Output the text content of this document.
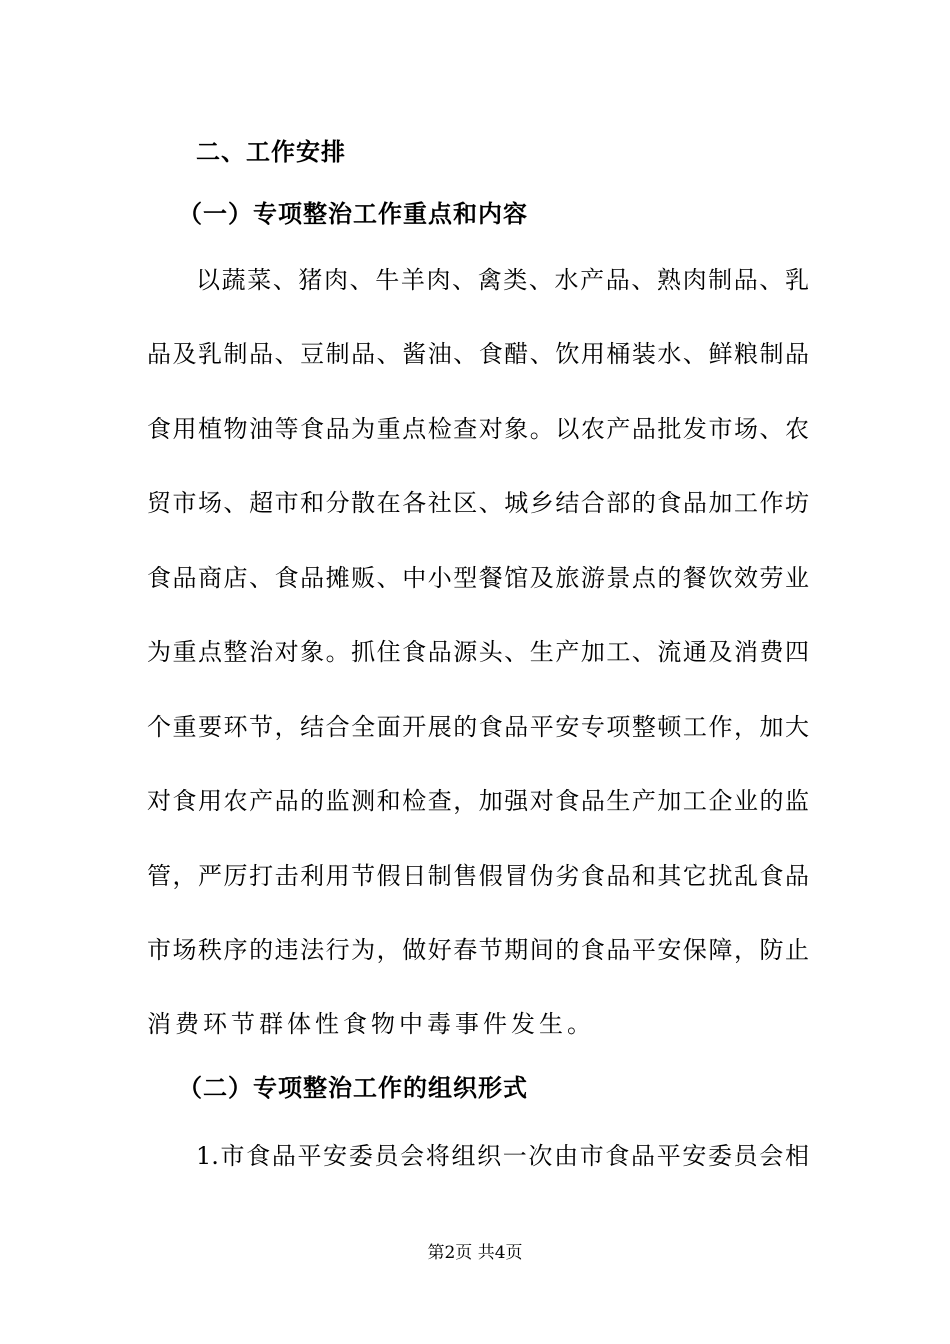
二、工作安排
（一）专项整治工作重点和内容
以蔬菜、猪肉、牛羊肉、禽类、水产品、熟肉制品、乳
品及乳制品、豆制品、酱油、食醋、饮用桶装水、鲜粮制品
食用植物油等食品为重点检查对象。以农产品批发市场、农
贸市场、超市和分散在各社区、城乡结合部的食品加工作坊
食品商店、食品摊贩、中小型餐馆及旅游景点的餐饮效劳业
为重点整治对象。抓住食品源头、生产加工、流通及消费四
个重要环节，结合全面开展的食品平安专项整顿工作，加大
对食用农产品的监测和检查，加强对食品生产加工企业的监
管，严厉打击利用节假日制售假冒伪劣食品和其它扰乱食品
市场秩序的违法行为，做好春节期间的食品平安保障，防止
消费环节群体性食物中毒事件发生。
（二）专项整治工作的组织形式
1.市食品平安委员会将组织一次由市食品平安委员会相
第2页 共4页
